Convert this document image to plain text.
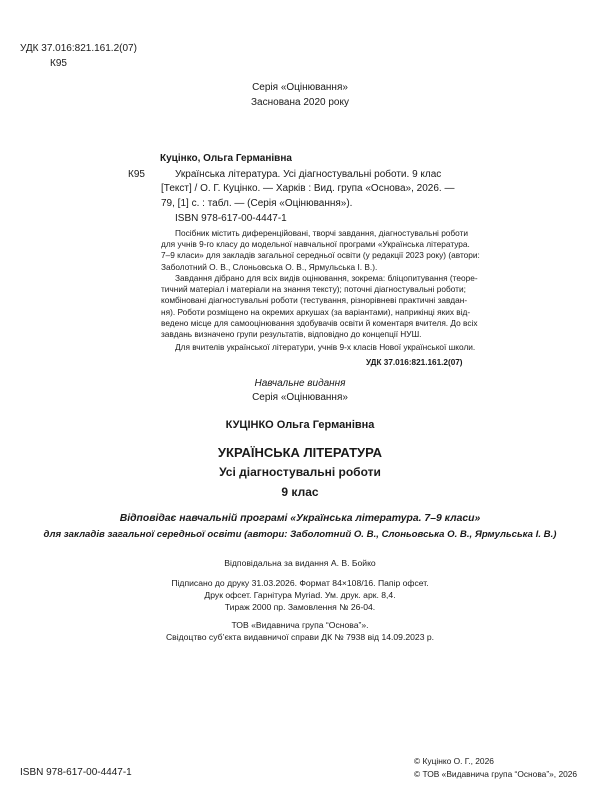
УДК 37.016:821.161.2(07)
К95
Серія «Оцінювання»
Заснована 2020 року
Куцінко, Ольга Германівна
К95	Українська література. Усі діагностувальні роботи. 9 клас
[Текст] / О. Г. Куцінко. — Харків : Вид. група «Основа», 2026. —
79, [1] с. : табл. — (Серія «Оцінювання»).
ISBN 978-617-00-4447-1
Посібник містить диференційовані, творчі завдання, діагностувальні роботи
для учнів 9-го класу до модельної навчальної програми «Українська література.
7–9 класи» для закладів загальної середньої освіти (у редакції 2023 року) (автори:
Заболотний О. В., Слоньовська О. В., Ярмульська І. В.).
Завдання дібрано для всіх видів оцінювання, зокрема: бліцопитування (теоре-
тичний матеріал і матеріали на знання тексту); поточні діагностувальні роботи;
комбіновані діагностувальні роботи (тестування, різнорівневі практичні завдан-
ня). Роботи розміщено на окремих аркушах (за варіантами), наприкінці яких від-
ведено місце для самооцінювання здобувачів освіти й коментаря вчителя. До всіх
завдань визначено групи результатів, відповідно до концепції НУШ.
Для вчителів української літератури, учнів 9-х класів Нової української школи.
УДК 37.016:821.161.2(07)
Навчальне видання
Серія «Оцінювання»
КУЦІНКО Ольга Германівна
УКРАЇНСЬКА ЛІТЕРАТУРА
Усі діагностувальні роботи
9 клас
Відповідає навчальній програмі «Українська література. 7–9 класи»
для закладів загальної середньої освіти (автори: Заболотний О. В., Слоньовська О. В., Ярмульська І. В.)
Відповідальна за видання А. В. Бойко
Підписано до друку 31.03.2026. Формат 84×108/16. Папір офсет.
Друк офсет. Гарнітура Myriad. Ум. друк. арк. 8,4.
Тираж 2000 пр. Замовлення № 26-04.
ТОВ «Видавнича група “Основа”».
Свідоцтво суб’єкта видавничої справи ДК № 7938 від 14.09.2023 р.
ISBN 978-617-00-4447-1
© Куцінко О. Г., 2026
© ТОВ «Видавнича група “Основа”», 2026
